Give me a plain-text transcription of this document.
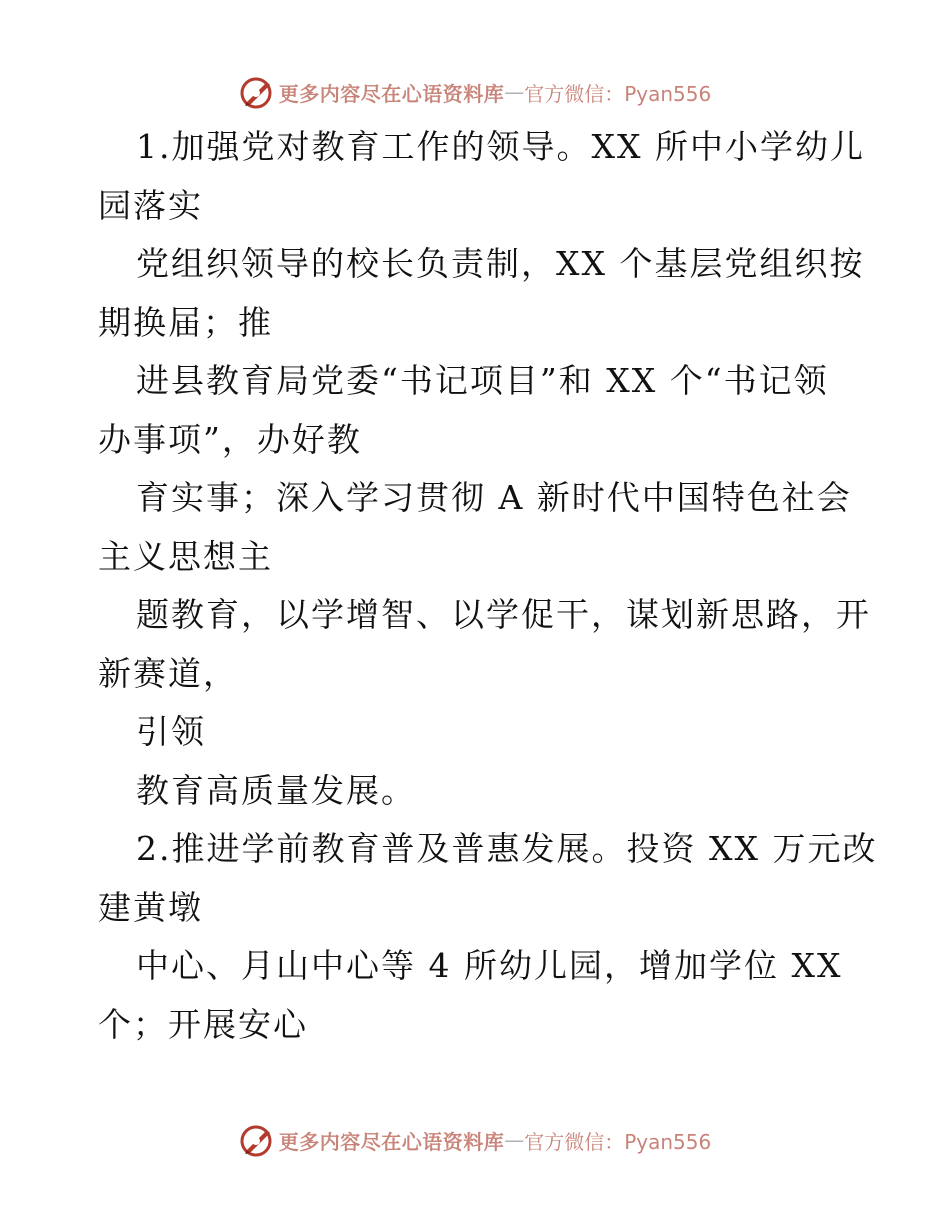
更多内容尽在心语资料库 — 官方微信：Pyan556
1.加强党对教育工作的领导。XX 所中小学幼儿
园落实
党组织领导的校长负责制，XX 个基层党组织按
期换届；推
进县教育局党委“书记项目”和 XX 个“书记领
办事项”，办好教
育实事；深入学习贯彻 A 新时代中国特色社会
主义思想主
题教育，以学增智、以学促干，谋划新思路，开
新赛道，
引领
教育高质量发展。
2.推进学前教育普及普惠发展。投资 XX 万元改
建黄墩
中心、月山中心等 4 所幼儿园，增加学位 XX
个；开展安心
更多内容尽在心语资料库 — 官方微信：Pyan556
